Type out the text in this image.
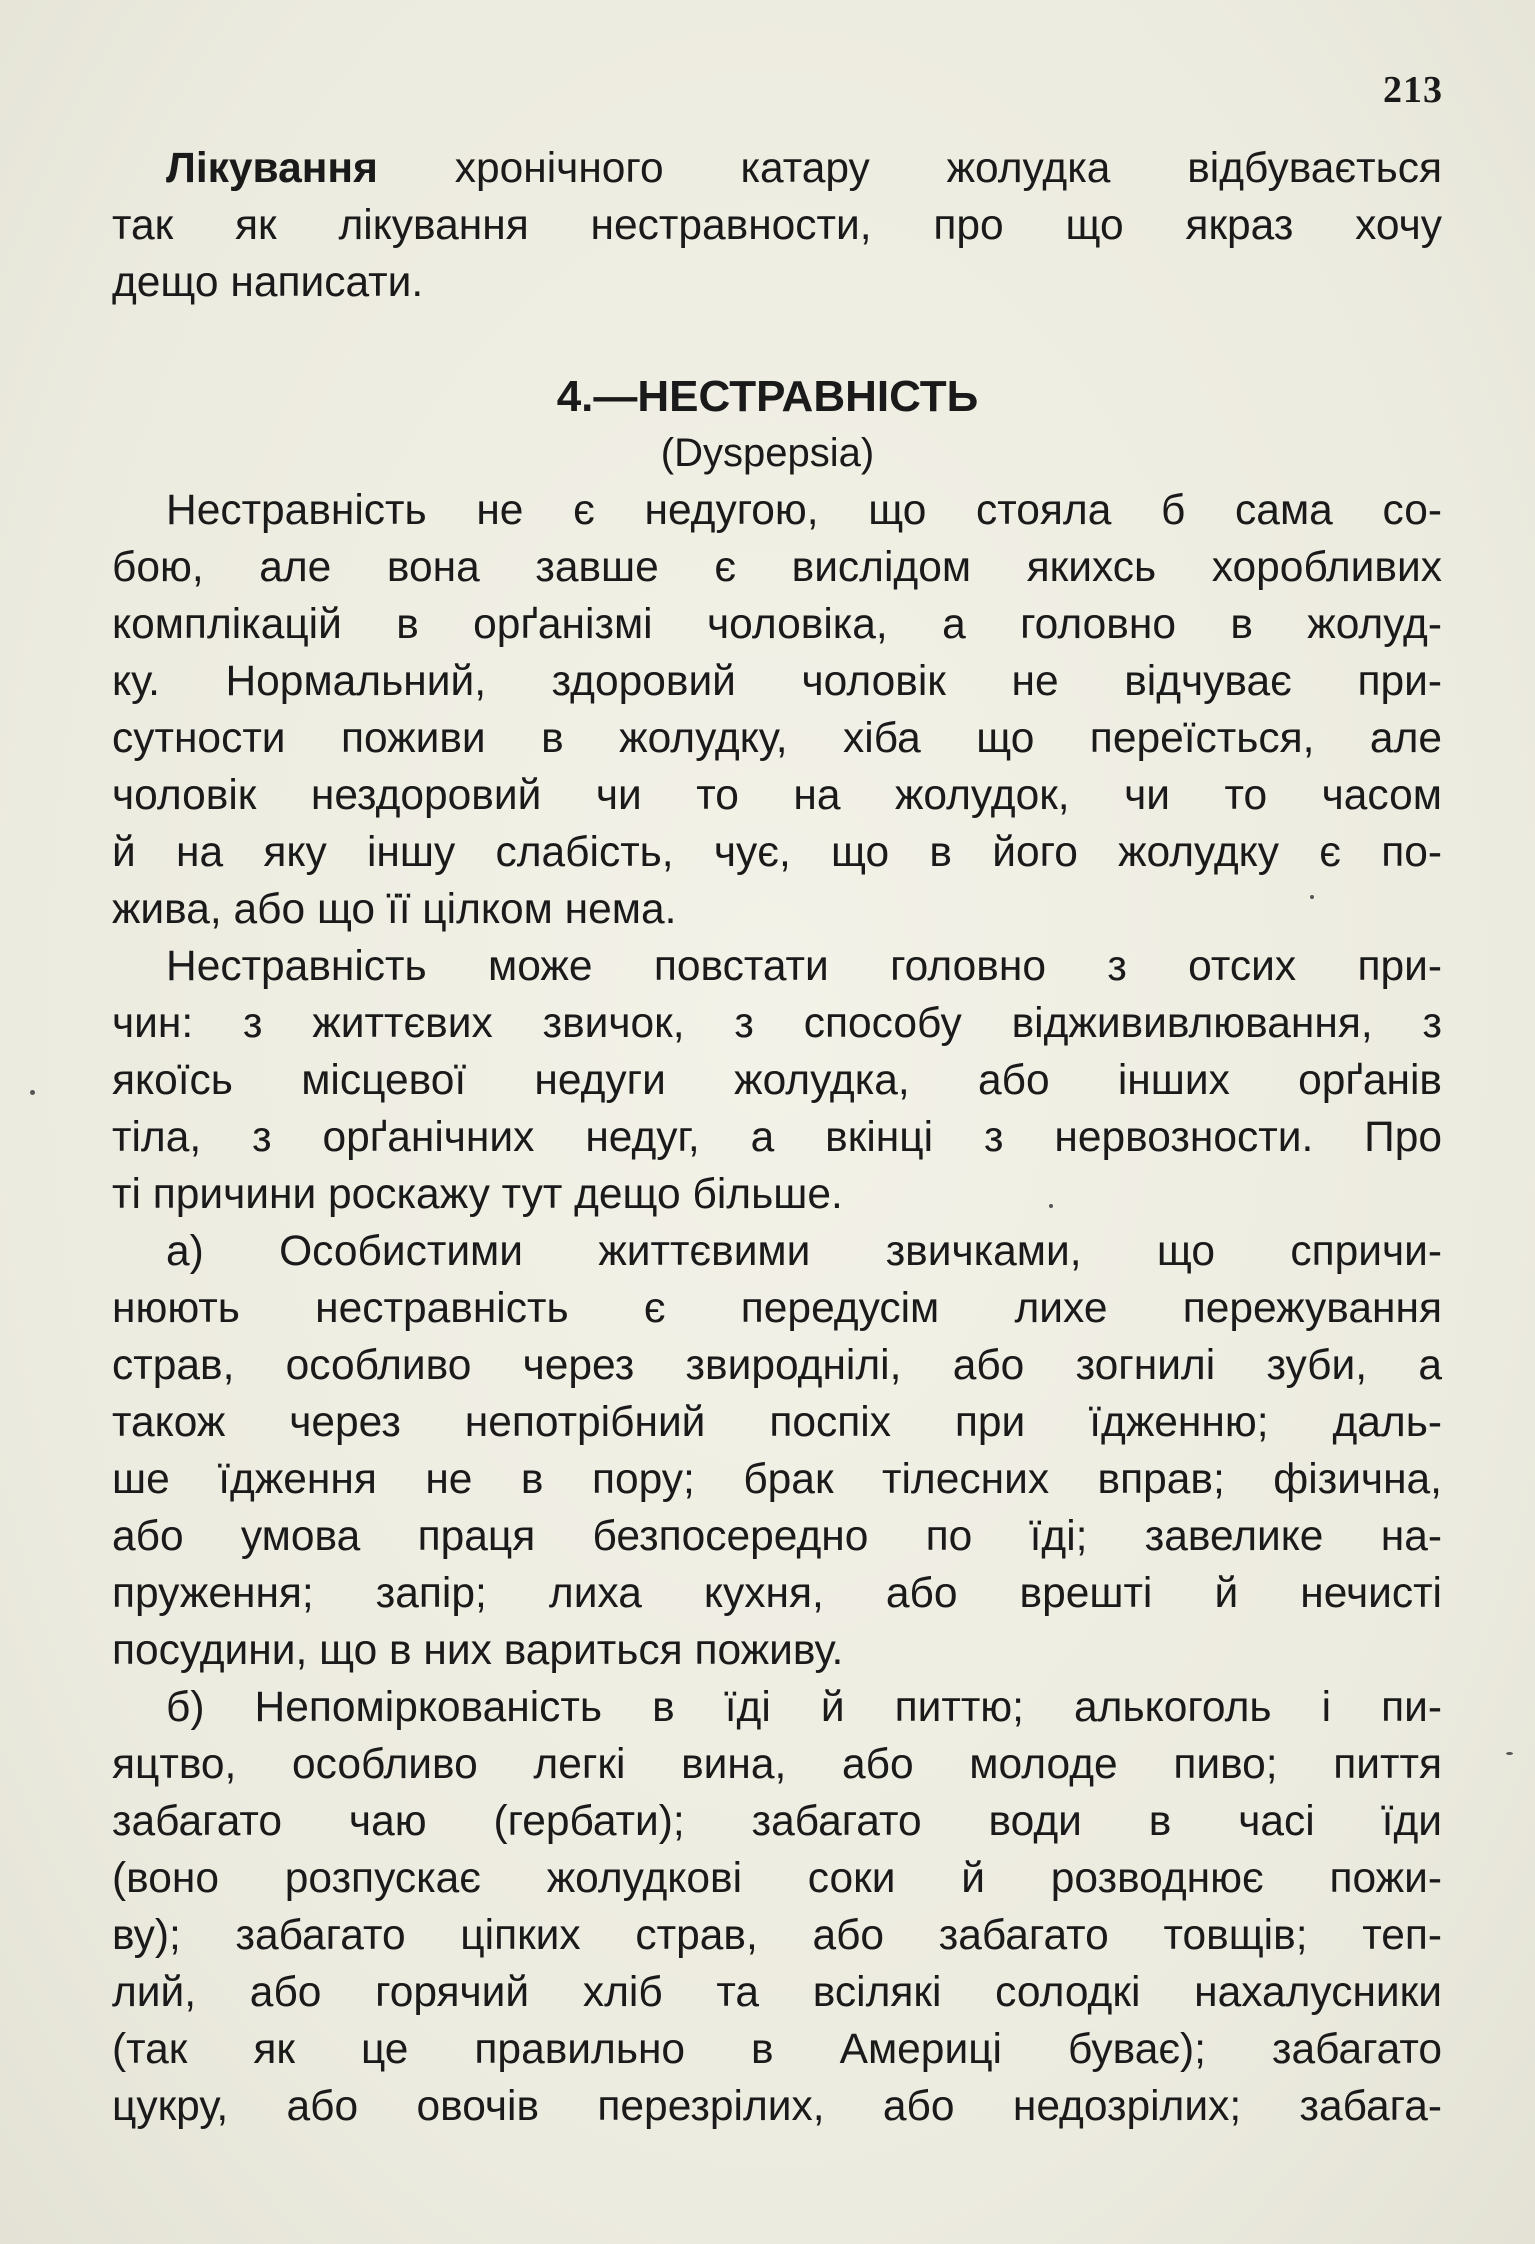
213
Лікування хронічного катару жолудка відбувається
так як лікування нестравности, про що якраз хочу
дещо написати.
4.—НЕСТРАВНІСТЬ
(Dyspepsia)
Нестравність не є недугою, що стояла б сама со-
бою, але вона завше є вислідом якихсь хоробливих
комплікацій в орґанізмі чоловіка, а головно в жолуд-
ку. Нормальний, здоровий чоловік не відчуває при-
сутности поживи в жолудку, хіба що переїсться, але
чоловік нездоровий чи то на жолудок, чи то часом
й на яку іншу слабість, чує, що в його жолудку є по-
жива, або що її цілком нема.
Нестравність може повстати головно з отсих при-
чин: з життєвих звичок, з способу віджививлювання, з
якоїсь місцевої недуги жолудка, або інших орґанів
тіла, з орґанічних недуг, а вкінці з нервозности. Про
ті причини роскажу тут дещо більше.
а) Особистими життєвими звичками, що спричи-
нюють нестравність є передусім лихе пережування
страв, особливо через звироднілі, або зогнилі зуби, а
також через непотрібний поспіх при їдженню; даль-
ше їдження не в пору; брак тілесних вправ; фізична,
або умова праця безпосередно по їді; завелике на-
пруження; запір; лиха кухня, або врешті й нечисті
посудини, що в них вариться поживу.
б) Непоміркованість в їді й питтю; алькоголь і пи-
яцтво, особливо легкі вина, або молоде пиво; пиття
забагато чаю (гербати); забагато води в часі їди
(воно розпускає жолудкові соки й розводнює пожи-
ву); забагато ціпких страв, або забагато товщів; теп-
лий, або горячий хліб та всілякі солодкі нахалусники
(так як це правильно в Америці буває); забагато
цукру, або овочів перезрілих, або недозрілих; забага-
